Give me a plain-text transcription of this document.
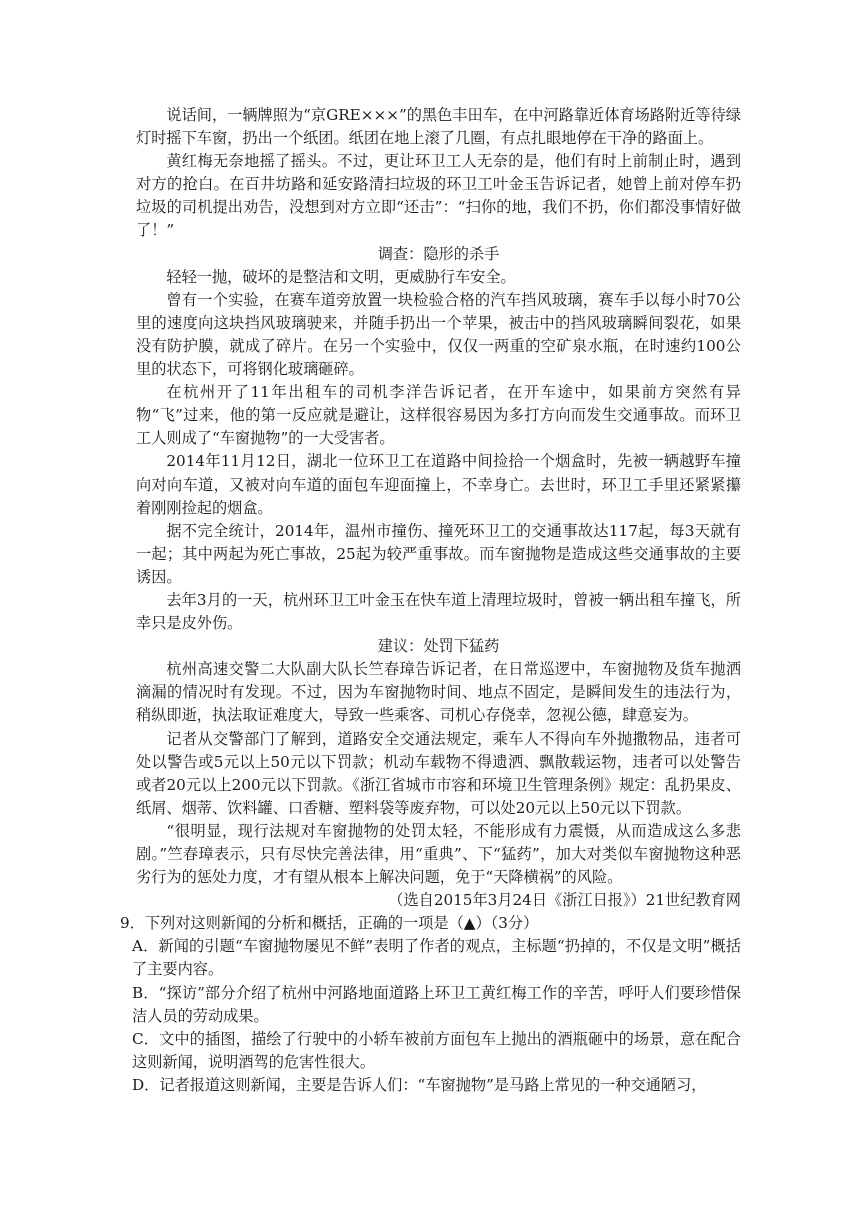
说话间，一辆牌照为“京GRE×××”的黑色丰田车，在中河路靠近体育场路附近等待绿灯时摇下车窗，扔出一个纸团。纸团在地上滚了几圈，有点扎眼地停在干净的路面上。

黄红梅无奈地摇了摇头。不过，更让环卫工人无奈的是，他们有时上前制止时，遇到对方的抢白。在百井坊路和延安路清扫垃圾的环卫工叶金玉告诉记者，她曾上前对停车扔垃圾的司机提出劝告，没想到对方立即“还击”：“扫你的地，我们不扔，你们都没事情好做了！”

调查：隐形的杀手

轻轻一抛，破坏的是整洁和文明，更威胁行车安全。

曾有一个实验，在赛车道旁放置一块检验合格的汽车挡风玻璃，赛车手以每小时70公里的速度向这块挡风玻璃驶来，并随手扔出一个苹果，被击中的挡风玻璃瞬间裂花，如果没有防护膜，就成了碎片。在另一个实验中，仅仅一两重的空矿泉水瓶，在时速约100公里的状态下，可将钢化玻璃砸碎。

在杭州开了11年出租车的司机李洋告诉记者，在开车途中，如果前方突然有异物“飞”过来，他的第一反应就是避让，这样很容易因为多打方向而发生交通事故。而环卫工人则成了“车窗抛物”的一大受害者。

2014年11月12日，湖北一位环卫工在道路中间捡拾一个烟盒时，先被一辆越野车撞向对向车道，又被对向车道的面包车迎面撞上，不幸身亡。去世时，环卫工手里还紧紧攥着刚刚捡起的烟盒。

据不完全统计，2014年，温州市撞伤、撞死环卫工的交通事故达117起，每3天就有一起；其中两起为死亡事故，25起为较严重事故。而车窗抛物是造成这些交通事故的主要诱因。

去年3月的一天，杭州环卫工叶金玉在快车道上清理垃圾时，曾被一辆出租车撞飞，所幸只是皮外伤。

建议：处罚下猛药

杭州高速交警二大队副大队长竺春璋告诉记者，在日常巡逻中，车窗抛物及货车抛洒滴漏的情况时有发现。不过，因为车窗抛物时间、地点不固定，是瞬间发生的违法行为，稍纵即逝，执法取证难度大，导致一些乘客、司机心存侥幸，忽视公德，肆意妄为。

记者从交警部门了解到，道路安全交通法规定，乘车人不得向车外抛撒物品，违者可处以警告或5元以上50元以下罚款；机动车载物不得遗洒、飘散载运物，违者可以处警告或者20元以上200元以下罚款。《浙江省城市市容和环境卫生管理条例》规定：乱扔果皮、纸屑、烟蒂、饮料罐、口香糖、塑料袋等废弃物，可以处20元以上50元以下罚款。

“很明显，现行法规对车窗抛物的处罚太轻，不能形成有力震慑，从而造成这么多悲剧。”竺春璋表示，只有尽快完善法律，用“重典”、下“猛药”，加大对类似车窗抛物这种恶劣行为的惩处力度，才有望从根本上解决问题，免于“天降横祸”的风险。

（选自2015年3月24日《浙江日报》）21世纪教育网

9．下列对这则新闻的分析和概括，正确的一项是（▲）（3分）

A．新闻的引题“车窗抛物屡见不鲜”表明了作者的观点，主标题“扔掉的，不仅是文明”概括了主要内容。

B．“探访”部分介绍了杭州中河路地面道路上环卫工黄红梅工作的辛苦，呼吁人们要珍惜保洁人员的劳动成果。

C．文中的插图，描绘了行驶中的小轿车被前方面包车上抛出的酒瓶砸中的场景，意在配合这则新闻，说明酒驾的危害性很大。

D．记者报道这则新闻，主要是告诉人们：“车窗抛物”是马路上常见的一种交通陋习，
